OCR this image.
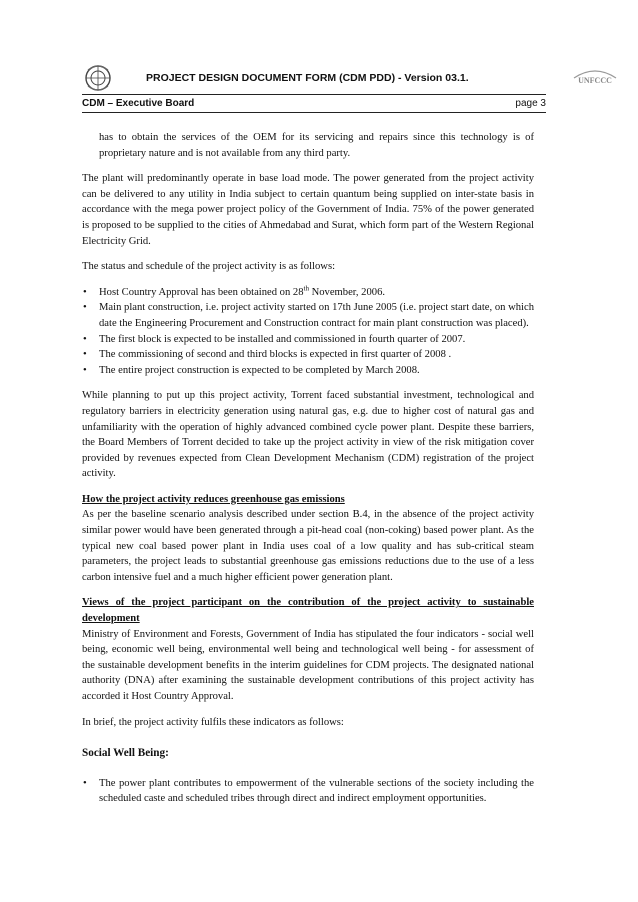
PROJECT DESIGN DOCUMENT FORM (CDM PDD) - Version 03.1.	UNFCCC
CDM – Executive Board	page 3

has to obtain the services of the OEM for its servicing and repairs since this technology is of proprietary nature and is not available from any third party.

The plant will predominantly operate in base load mode. The power generated from the project activity can be delivered to any utility in India subject to certain quantum being supplied on inter-state basis in accordance with the mega power project policy of the Government of India. 75% of the power generated is proposed to be supplied to the cities of Ahmedabad and Surat, which form part of the Western Regional Electricity Grid.

The status and schedule of the project activity is as follows:

• Host Country Approval has been obtained on 28th November, 2006.
• Main plant construction, i.e. project activity started on 17th June 2005 (i.e. project start date, on which date the Engineering Procurement and Construction contract for main plant construction was placed).
• The first block is expected to be installed and commissioned in fourth quarter of 2007.
• The commissioning of second and third blocks is expected in first quarter of 2008 .
• The entire project construction is expected to be completed by March 2008.

While planning to put up this project activity, Torrent faced substantial investment, technological and regulatory barriers in electricity generation using natural gas, e.g. due to higher cost of natural gas and unfamiliarity with the operation of highly advanced combined cycle power plant. Despite these barriers, the Board Members of Torrent decided to take up the project activity in view of the risk mitigation cover provided by revenues expected from Clean Development Mechanism (CDM) registration of the project activity.

How the project activity reduces greenhouse gas emissions

As per the baseline scenario analysis described under section B.4, in the absence of the project activity similar power would have been generated through a pit-head coal (non-coking) based power plant. As the typical new coal based power plant in India uses coal of a low quality and has sub-critical steam parameters, the project leads to substantial greenhouse gas emissions reductions due to the use of a less carbon intensive fuel and a much higher efficient power generation plant.

Views of the project participant on the contribution of the project activity to sustainable development

Ministry of Environment and Forests, Government of India has stipulated the four indicators - social well being, economic well being, environmental well being and technological well being - for assessment of the sustainable development benefits in the interim guidelines for CDM projects. The designated national authority (DNA) after examining the sustainable development contributions of this project activity has accorded it Host Country Approval.

In brief, the project activity fulfils these indicators as follows:

Social Well Being:
• The power plant contributes to empowerment of the vulnerable sections of the society including the scheduled caste and scheduled tribes through direct and indirect employment opportunities.
